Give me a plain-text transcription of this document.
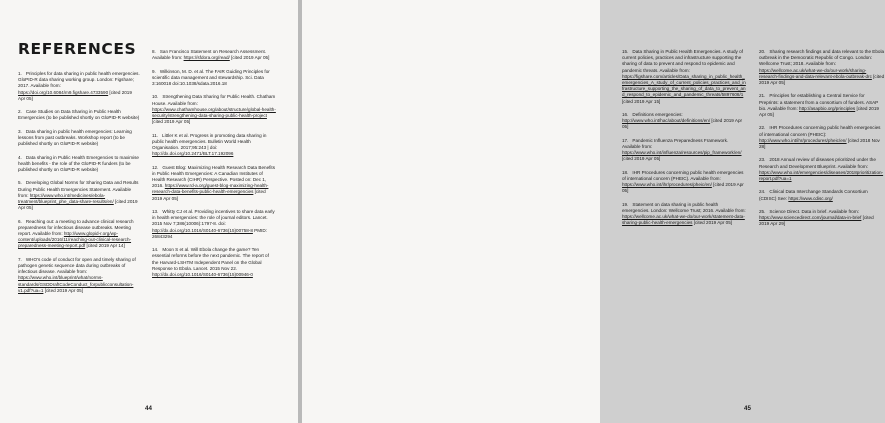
REFERENCES
1. Principles for data sharing in public health emergencies. GloPID-R data sharing working group. London: Figshare; 2017. Available from: https://doi.org/10.6084/m9.figshare.4733590 [cited 2019 Apr 05]
2. Case Studies on Data Sharing in Public Health Emergencies (to be published shortly on GloPID-R website)
3. Data sharing in public health emergencies: Learning lessons from past outbreaks. Workshop report (to be published shortly on GloPID-R website)
4. Data sharing in Public Health Emergencies to maximise health benefits - the role of the GloPID-R funders (to be published shortly on GloPID-R website)
5. Developing Global Norms for Sharing Data and Results During Public Health Emergencies Statement. Available from: https://www.who.int/medicines/ebola-treatment/blueprint_phe_data-share-results/en/ [cited 2019 Apr 05]
6. Reaching out: a meeting to advance clinical research preparedness for infectious disease outbreaks. Meeting report. Available from: http://www.glopid-r.org/wp-content/uploads/2016/11/reaching-out-clinical-research-preparedness-meeting-report.pdf [cited 2019 Apr 14]
7. WHO's code of conduct for open and timely sharing of pathogen genetic sequence data during outbreaks of infectious disease. Available from: https://www.who.int/blueprint/what/norms-standards/GSDDraftCodeConduct_forpublicconsultation-v1.pdf?ua=1 [cited 2019 Apr 05]
8. San Francisco Statement on Research Assessment. Available from: https://sfdora.org/read/ [cited 2019 Apr 05]
9. Wilkinson, M. D. et al. The FAIR Guiding Principles for scientific data management and stewardship. Sci. Data 3:160018 doi:10.1038/sdata.2016.18
10. Strengthening Data Sharing for Public Health. Chatham House. Available from: https://www.chathamhouse.org/about/structure/global-health-security/strengthening-data-sharing-public-health-project [cited 2019 Apr 05]
11. Littler K et al. Progress in promoting data sharing in public health emergencies. Bulletin World Health Organisation. 2017;95:243 | doi: http://dx.doi.org/10.2471/BLT.17.192096
12. Guest Blog: Maximizing Health Research Data Benefits in Public Health Emergencies: A Canadian Institutes of Health Research (CIHR) Perspective. Posted on: Dec 1, 2016. https://www.rd-a.org/guest-blog-maximizing-health-research-data-benefits-public-health-emergencies [cited 2019 Apr 05]
13. Whitty CJ et al. Providing incentives to share data early in health emergencies: the role of journal editors. Lancet. 2015 Nov 7;386(10006):1797-8. doi: http://dx.doi.org/10.1016/S0140-6736(15)00758-8 PMID: 26843294
14. Moon S et al. Will Ebola change the game? Ten essential reforms before the next pandemic. The report of the Harvard-LSHTM Independent Panel on the Global Response to Ebola. Lancet. 2015 Nov 22. http://dx.doi.org/10.1016/S0140-6736(15)00946-0
44
15. Data Sharing in Public Health Emergencies. A study of current policies, practices and infrastructure supporting the sharing of data to prevent and respond to epidemic and pandemic threats. Available from: https://figshare.com/articles/Data_sharing_in_public_health_emergencies_A_study_of_current_policies_practices_and_infrastructure_supporting_the_sharing_of_data_to_prevent_and_respond_to_epidemic_and_pandemic_threats/5897608/1 [cited 2019 Apr 15]
16. Definitions emergencies: http://www.who.int/hac/about/definitions/en/ [cited 2019 Apr 05]
17. Pandemic Influenza Preparedness Framework. Available from: https://www.who.int/influenza/resources/pip_framework/en/ [cited 2019 Apr 05]
18. IHR Procedures concerning public health emergencies of international concern (PHEIC). Available from: https://www.who.int/ihr/procedures/pheic/en/ [cited 2019 Apr 05]
19. Statement on data sharing in public health emergencies. London: Wellcome Trust; 2016. Available from: https://wellcome.ac.uk/what-we-do/our-work/statement-data-sharing-public-health-emergencies [cited 2019 Apr 05]
20. Sharing research findings and data relevant to the Ebola outbreak in the Democratic Republic of Congo. London: Wellcome Trust; 2018. Available from: https://wellcome.ac.uk/what-we-do/our-work/sharing-research-findings-and-data-relevant-ebola-outbreak-drc [cited 2019 Apr 05]
21. Principles for establishing a Central Service for Preprints: a statement from a consortium of funders. ASAP bio. Available from: http://asapbio.org/principles [cited 2019 Apr 05]
22. IHR Procedures concerning public health emergencies of international concern (PHEIC): http://www.who.int/ihr/procedures/pheic/en/ [cited 2018 Nov 28]
23. 2018 Annual review of diseases prioritized under the Research and Development Blueprint. Available from: https://www.who.int/emergencies/diseases/2018prioritization-report.pdf?ua=1
24. Clinical Data Interchange Standards Consortium (CDISC) See: https://www.cdisc.org/
25. Science Direct. Data in brief. Available from: https://www.sciencedirect.com/journal/data-in-brief [cited 2019 Apr 29]
45
